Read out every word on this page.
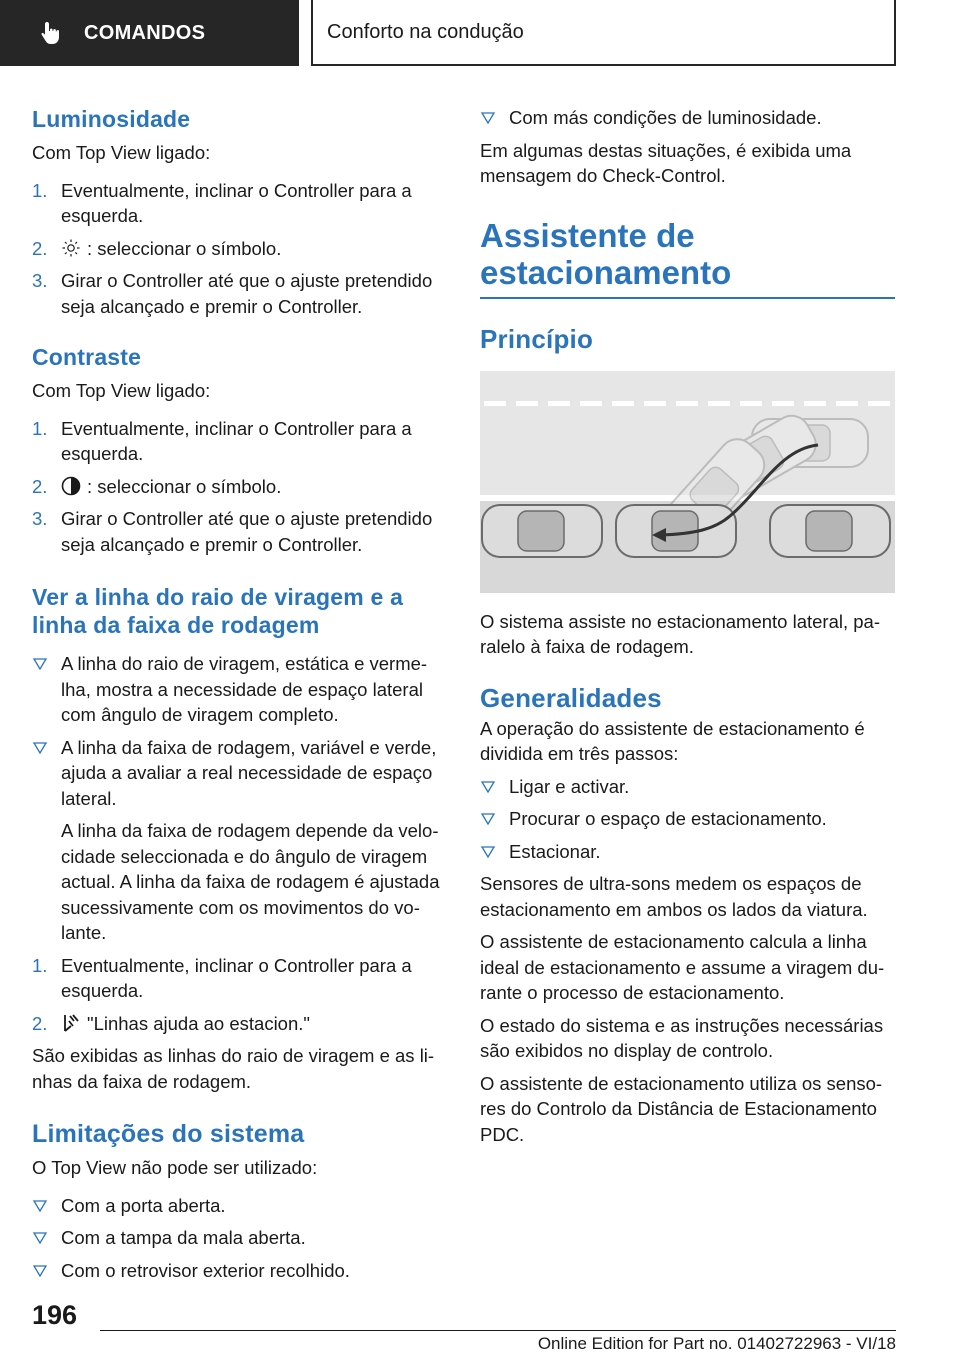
COMANDOS	Conforto na condução
Luminosidade
Com Top View ligado:
1. Eventualmente, inclinar o Controller para a esquerda.
2. : seleccionar o símbolo.
3. Girar o Controller até que o ajuste pretendido seja alcançado e premir o Controller.
Contraste
Com Top View ligado:
1. Eventualmente, inclinar o Controller para a esquerda.
2. : seleccionar o símbolo.
3. Girar o Controller até que o ajuste pretendido seja alcançado e premir o Controller.
Ver a linha do raio de viragem e a linha da faixa de rodagem
A linha do raio de viragem, estática e vermelha, mostra a necessidade de espaço lateral com ângulo de viragem completo.
A linha da faixa de rodagem, variável e verde, ajuda a avaliar a real necessidade de espaço lateral.
A linha da faixa de rodagem depende da velocidade seleccionada e do ângulo de viragem actual. A linha da faixa de rodagem é ajustada sucessivamente com os movimentos do volante.
1. Eventualmente, inclinar o Controller para a esquerda.
2. "Linhas ajuda ao estacion."
São exibidas as linhas do raio de viragem e as linhas da faixa de rodagem.
Limitações do sistema
O Top View não pode ser utilizado:
Com a porta aberta.
Com a tampa da mala aberta.
Com o retrovisor exterior recolhido.
Com más condições de luminosidade.
Em algumas destas situações, é exibida uma mensagem do Check-Control.
Assistente de
estacionamento
Princípio
O sistema assiste no estacionamento lateral, paralelo à faixa de rodagem.
Generalidades
A operação do assistente de estacionamento é dividida em três passos:
Ligar e activar.
Procurar o espaço de estacionamento.
Estacionar.
Sensores de ultra-sons medem os espaços de estacionamento em ambos os lados da viatura.
O assistente de estacionamento calcula a linha ideal de estacionamento e assume a viragem durante o processo de estacionamento.
O estado do sistema e as instruções necessárias são exibidos no display de controlo.
O assistente de estacionamento utiliza os sensores do Controlo da Distância de Estacionamento PDC.
196
Online Edition for Part no. 01402722963 - VI/18
